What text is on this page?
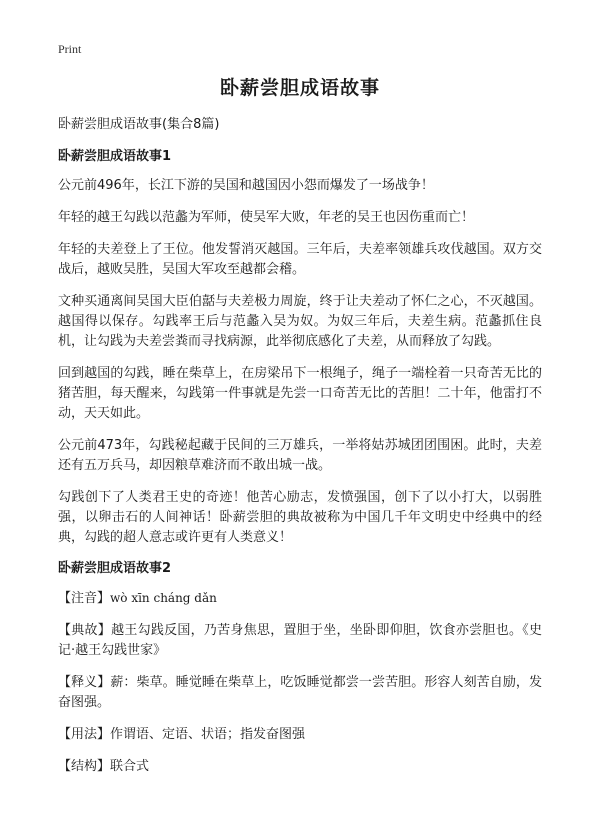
Print
卧薪尝胆成语故事
卧薪尝胆成语故事(集合8篇)
卧薪尝胆成语故事1

公元前496年，长江下游的吴国和越国因小怨而爆发了一场战争！

年轻的越王勾践以范蠡为军师，使吴军大败，年老的吴王也因伤重而亡！

年轻的夫差登上了王位。他发誓消灭越国。三年后，夫差率领雄兵攻伐越国。双方交战后，越败吴胜，吴国大军攻至越都会稽。

文种买通离间吴国大臣伯嚭与夫差极力周旋，终于让夫差动了怀仁之心，不灭越国。越国得以保存。勾践率王后与范蠡入吴为奴。为奴三年后，夫差生病。范蠡抓住良机，让勾践为夫差尝粪而寻找病源，此举彻底感化了夫差，从而释放了勾践。

回到越国的勾践，睡在柴草上，在房梁吊下一根绳子，绳子一端栓着一只奇苦无比的猪苦胆，每天醒来，勾践第一件事就是先尝一口奇苦无比的苦胆！二十年，他雷打不动，天天如此。

公元前473年，勾践秘起藏于民间的三万雄兵，一举将姑苏城团团围困。此时，夫差还有五万兵马，却因粮草难济而不敢出城一战。

勾践创下了人类君王史的奇迹！他苦心励志，发愤强国，创下了以小打大，以弱胜强，以卵击石的人间神话！卧薪尝胆的典故被称为中国几千年文明史中经典中的经典，勾践的超人意志或许更有人类意义！

卧薪尝胆成语故事2

【注音】wò xīn cháng dǎn

【典故】越王勾践反国，乃苦身焦思，置胆于坐，坐卧即仰胆，饮食亦尝胆也。《史记·越王勾践世家》

【释义】薪：柴草。睡觉睡在柴草上，吃饭睡觉都尝一尝苦胆。形容人刻苦自励，发奋图强。

【用法】作谓语、定语、状语；指发奋图强

【结构】联合式
